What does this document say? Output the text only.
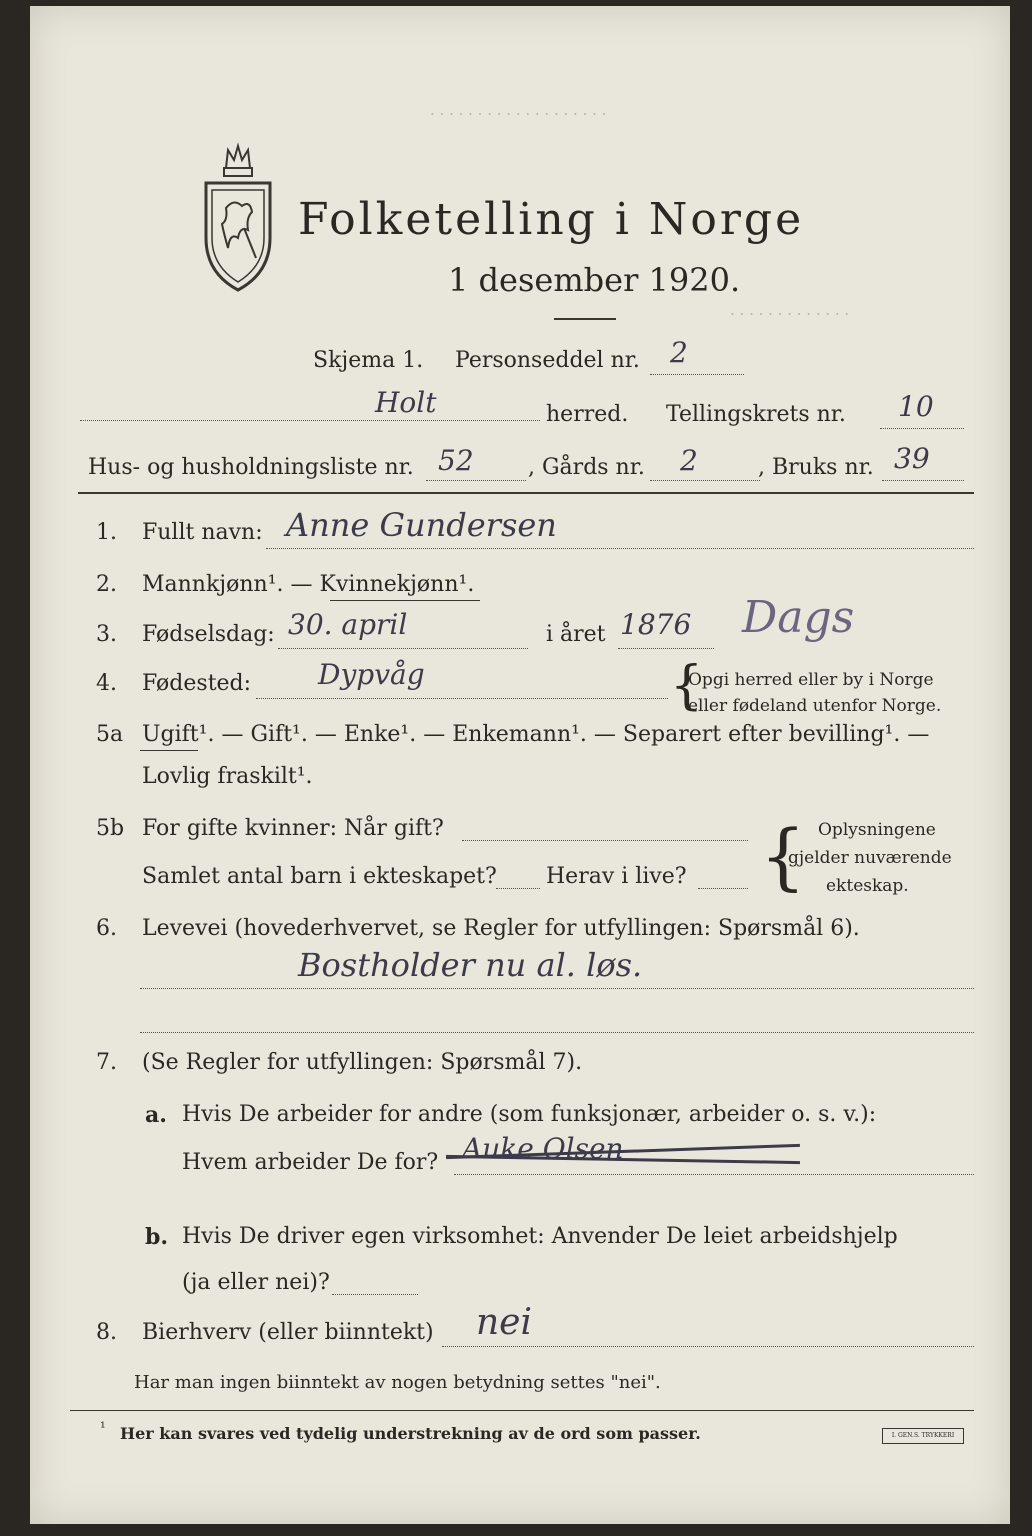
. . . . . . . . . . . . . . . . . . .
. . . . . . . . . . . . .
Folketelling i Norge
1 desember 1920.
Skjema 1. Personseddel nr. 2
Holt	herred. Tellingskrets nr. 10
Hus- og husholdningsliste nr. 52 , Gårds nr. 2	, Bruks nr. 39
1. Fullt navn: Anne Gundersen
2. Mannkjønn¹. — Kvinnekjønn¹.
3. Fødselsdag: 30. april	i året 1876 Dags
4. Fødested: Dypvåg	{
Opgi herred eller by i Norge
eller fødeland utenfor Norge.
5a Ugift¹. — Gift¹. — Enke¹. — Enkemann¹. — Separert efter bevilling¹. —
Lovlig fraskilt¹.
5b For gifte kvinner: Når gift?
Samlet antal barn i ekteskapet? Herav i live? { Oplysningene
gjelder nuværende
ekteskap.
6. Levevei (hovederhvervet, se Regler for utfyllingen: Spørsmål 6).
Bostholder nu al. løs.
7. (Se Regler for utfyllingen: Spørsmål 7).
a. Hvis De arbeider for andre (som funksjonær, arbeider o. s. v.):
Hvem arbeider De for? Auke Olsen
b. Hvis De driver egen virksomhet: Anvender De leiet arbeidshjelp
(ja eller nei)?
8. Bierhverv (eller biinntekt) nei
Har man ingen biinntekt av nogen betydning settes "nei".
¹ Her kan svares ved tydelig understrekning av de ord som passer.	I. GEN.S. TRYKKERI
